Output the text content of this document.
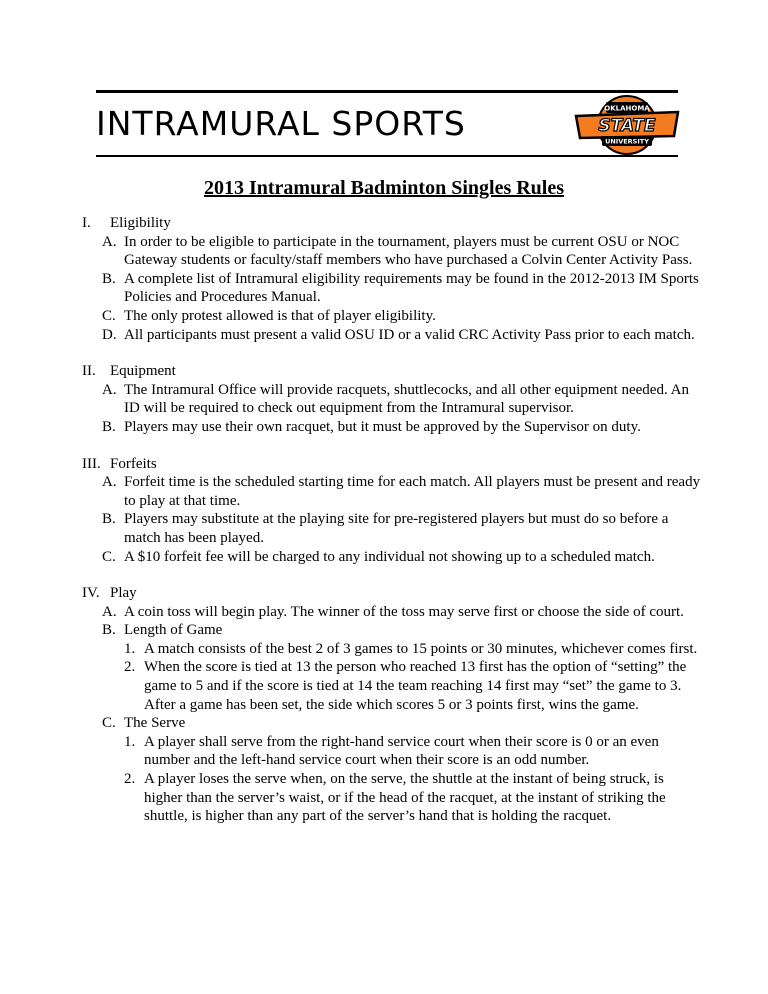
INTRAMURAL SPORTS	OKLAHOMA
STATE
UNIVERSITY
2013 Intramural Badminton Singles Rules
I.	Eligibility
A. In order to be eligible to participate in the tournament, players must be current OSU or NOC Gateway students or faculty/staff members who have purchased a Colvin Center Activity Pass.
B. A complete list of Intramural eligibility requirements may be found in the 2012-2013 IM Sports Policies and Procedures Manual.
C. The only protest allowed is that of player eligibility.
D. All participants must present a valid OSU ID or a valid CRC Activity Pass prior to each match.
II. Equipment
A. The Intramural Office will provide racquets, shuttlecocks, and all other equipment needed. An ID will be required to check out equipment from the Intramural supervisor.
B. Players may use their own racquet, but it must be approved by the Supervisor on duty.
III. Forfeits
A. Forfeit time is the scheduled starting time for each match. All players must be present and ready to play at that time.
B. Players may substitute at the playing site for pre-registered players but must do so before a match has been played.
C. A $10 forfeit fee will be charged to any individual not showing up to a scheduled match.
IV. Play
A. A coin toss will begin play. The winner of the toss may serve first or choose the side of court.
B. Length of Game
1. A match consists of the best 2 of 3 games to 15 points or 30 minutes, whichever comes first.
2. When the score is tied at 13 the person who reached 13 first has the option of “setting” the game to 5 and if the score is tied at 14 the team reaching 14 first may “set” the game to 3. After a game has been set, the side which scores 5 or 3 points first, wins the game.
C. The Serve
1. A player shall serve from the right-hand service court when their score is 0 or an even number and the left-hand service court when their score is an odd number.
2. A player loses the serve when, on the serve, the shuttle at the instant of being struck, is higher than the server’s waist, or if the head of the racquet, at the instant of striking the shuttle, is higher than any part of the server’s hand that is holding the racquet.
